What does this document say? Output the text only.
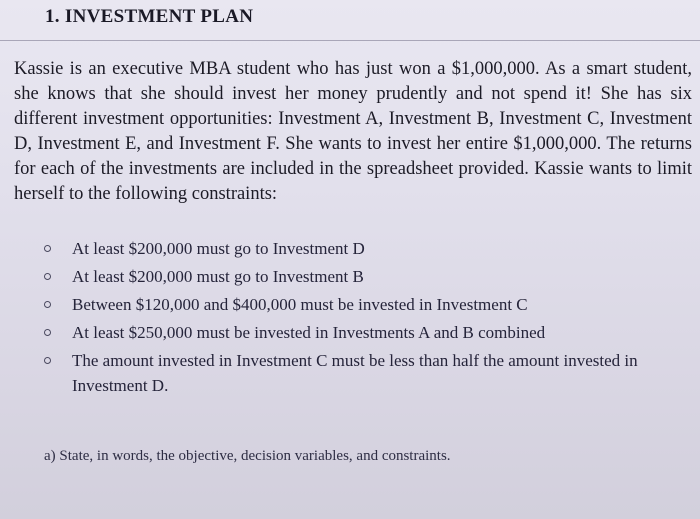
1. INVESTMENT PLAN
Kassie is an executive MBA student who has just won a $1,000,000. As a smart student, she knows that she should invest her money prudently and not spend it! She has six different investment opportunities: Investment A, Investment B, Investment C, Investment D, Investment E, and Investment F. She wants to invest her entire $1,000,000. The returns for each of the investments are included in the spreadsheet provided. Kassie wants to limit herself to the following constraints:
At least $200,000 must go to Investment D
At least $200,000 must go to Investment B
Between $120,000 and $400,000 must be invested in Investment C
At least $250,000 must be invested in Investments A and B combined
The amount invested in Investment C must be less than half the amount invested in Investment D.
a) State, in words, the objective, decision variables, and constraints.
